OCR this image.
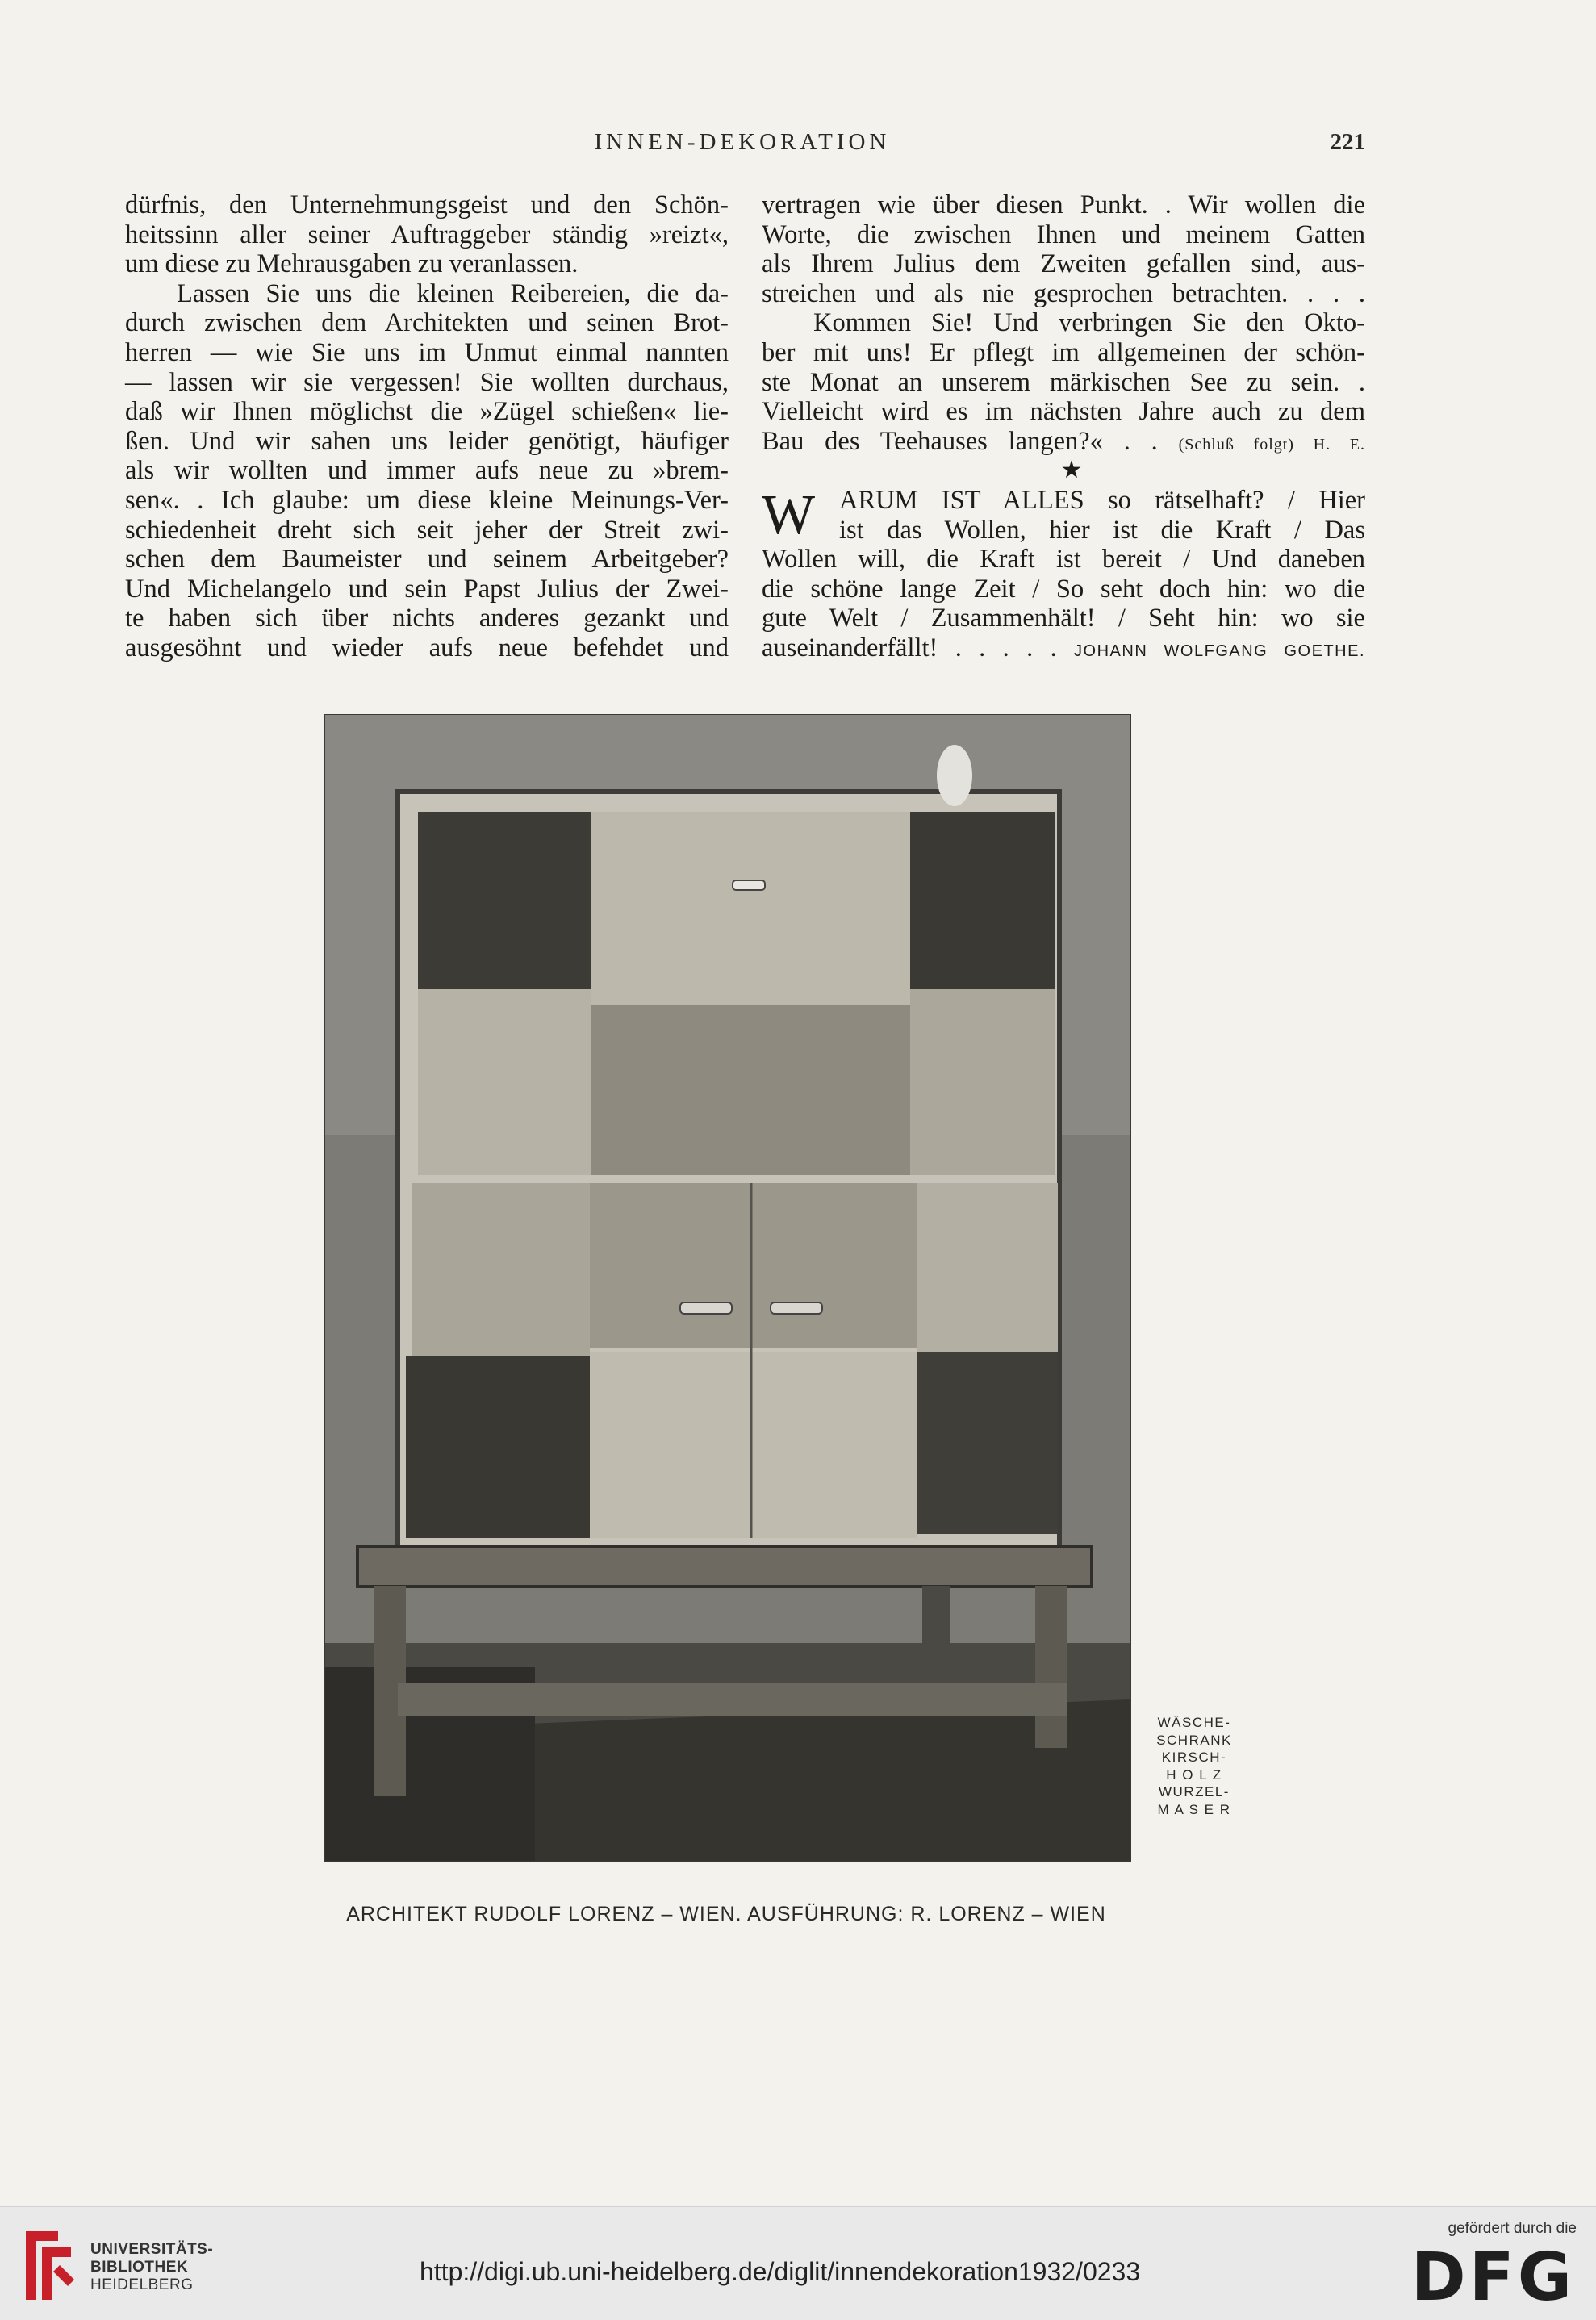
INNEN-DEKORATION	221
dürfnis, den Unternehmungsgeist und den Schön-
heitssinn aller seiner Auftraggeber ständig »reizt«,
um diese zu Mehrausgaben zu veranlassen.
Lassen Sie uns die kleinen Reibereien, die da-
durch zwischen dem Architekten und seinen Brot-
herren — wie Sie uns im Unmut einmal nannten
— lassen wir sie vergessen! Sie wollten durchaus,
daß wir Ihnen möglichst die »Zügel schießen« lie-
ßen. Und wir sahen uns leider genötigt, häufiger
als wir wollten und immer aufs neue zu »brem-
sen«. . Ich glaube: um diese kleine Meinungs-Ver-
schiedenheit dreht sich seit jeher der Streit zwi-
schen dem Baumeister und seinem Arbeitgeber?
Und Michelangelo und sein Papst Julius der Zwei-
te haben sich über nichts anderes gezankt und
ausgesöhnt und wieder aufs neue befehdet und
vertragen wie über diesen Punkt. . Wir wollen die
Worte, die zwischen Ihnen und meinem Gatten
als Ihrem Julius dem Zweiten gefallen sind, aus-
streichen und als nie gesprochen betrachten. . . .
Kommen Sie! Und verbringen Sie den Okto-
ber mit uns! Er pflegt im allgemeinen der schön-
ste Monat an unserem märkischen See zu sein. .
Vielleicht wird es im nächsten Jahre auch zu dem
Bau des Teehauses langen?« . . (Schluß folgt) H. E.
★
W ARUM IST ALLES so rätselhaft? / Hier
ist das Wollen, hier ist die Kraft / Das
Wollen will, die Kraft ist bereit / Und daneben
die schöne lange Zeit / So seht doch hin: wo die
gute Welt / Zusammenhält! / Seht hin: wo sie
auseinanderfällt! . . . . . JOHANN WOLFGANG GOETHE.
WÄSCHE-
SCHRANK
KIRSCH-
H O L Z
WURZEL-
M A S E R
ARCHITEKT RUDOLF LORENZ – WIEN. AUSFÜHRUNG: R. LORENZ – WIEN
UNIVERSITÄTS-
BIBLIOTHEK
HEIDELBERG	http://digi.ub.uni-heidelberg.de/diglit/innendekoration1932/0233
gefördert durch die
DFG
